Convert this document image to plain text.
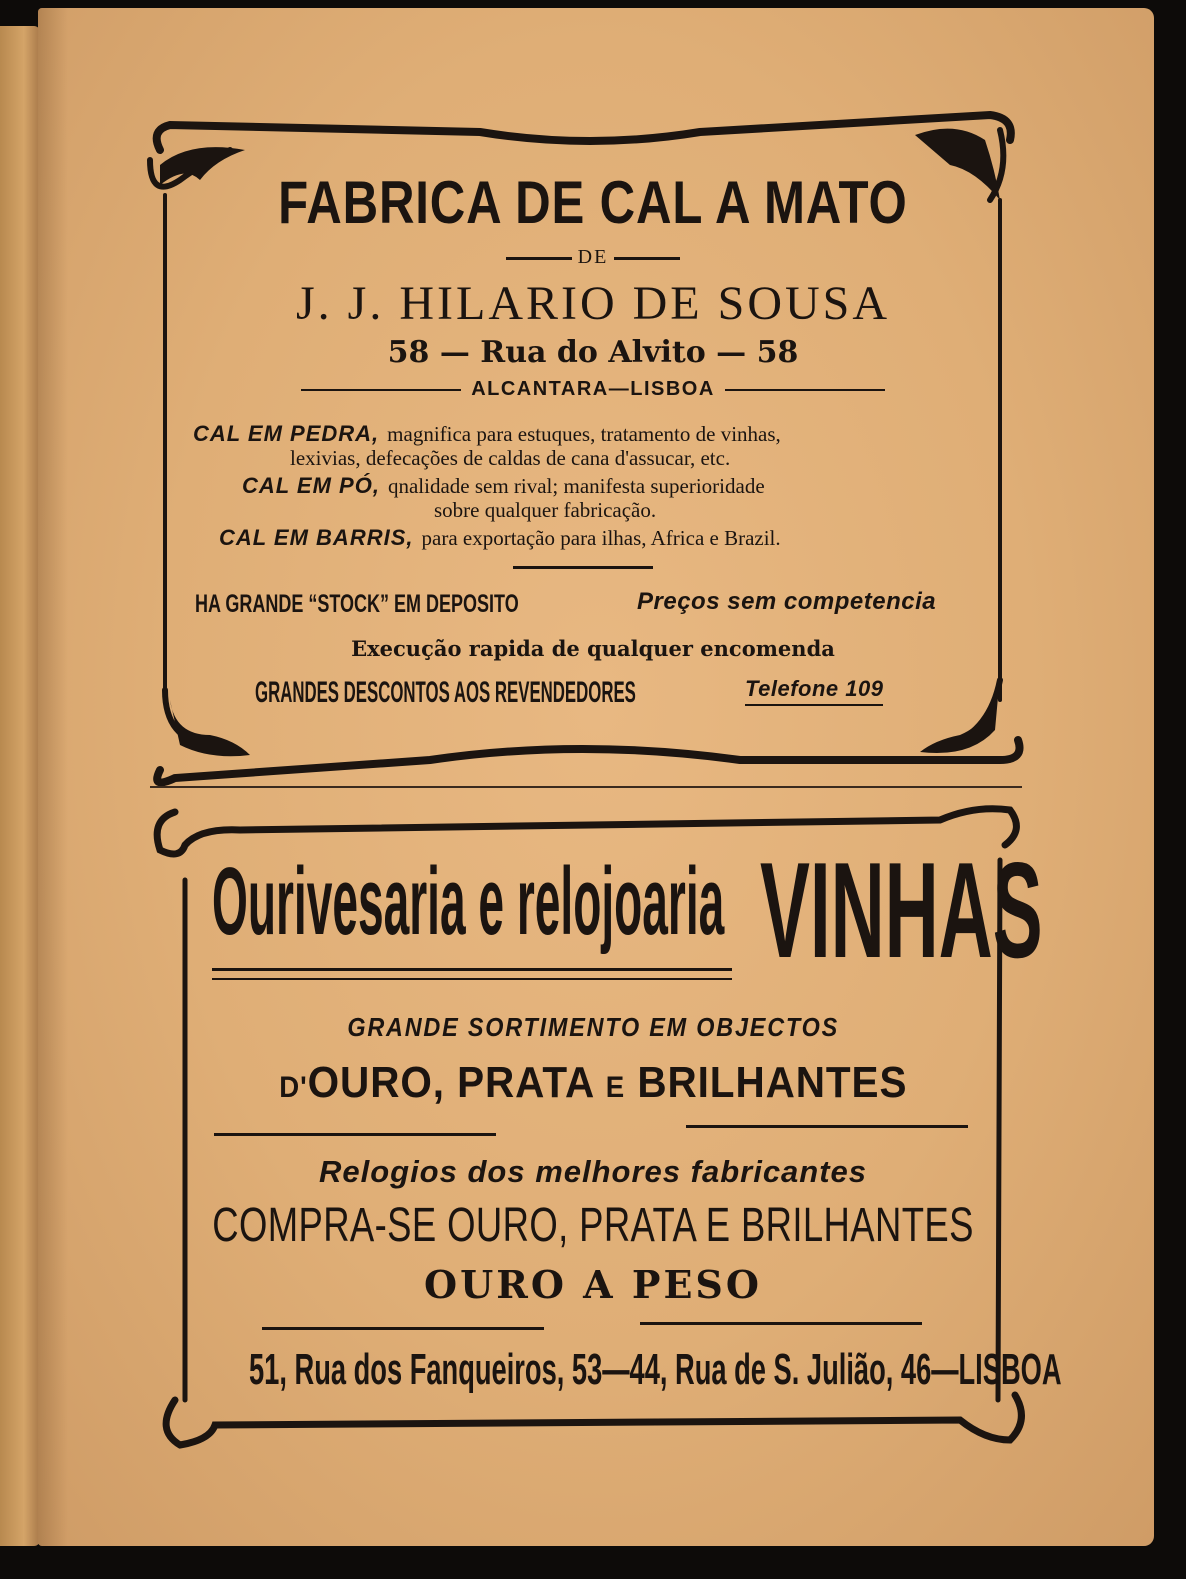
FABRICA DE CAL A MATO
DE
J. J. HILARIO DE SOUSA
58 — Rua do Alvito — 58
ALCANTARA—LISBOA
CAL EM PEDRA, magnifica para estuques, tratamento de vinhas,
lexivias, defecações de caldas de cana d'assucar, etc.
CAL EM PÓ, qnalidade sem rival; manifesta superioridade
sobre qualquer fabricação.
CAL EM BARRIS, para exportação para ilhas, Africa e Brazil.
HA GRANDE “STOCK” EM DEPOSITO	Preços sem competencia
Execução rapida de qualquer encomenda
GRANDES DESCONTOS AOS REVENDEDORES	Telefone 109
Ourivesaria e relojoaria VINHAS
GRANDE SORTIMENTO EM OBJECTOS
D'OURO, PRATA E BRILHANTES
Relogios dos melhores fabricantes
COMPRA-SE OURO, PRATA E BRILHANTES
OURO A PESO
51, Rua dos Fanqueiros, 53—44, Rua de S. Julião, 46—LISBOA
